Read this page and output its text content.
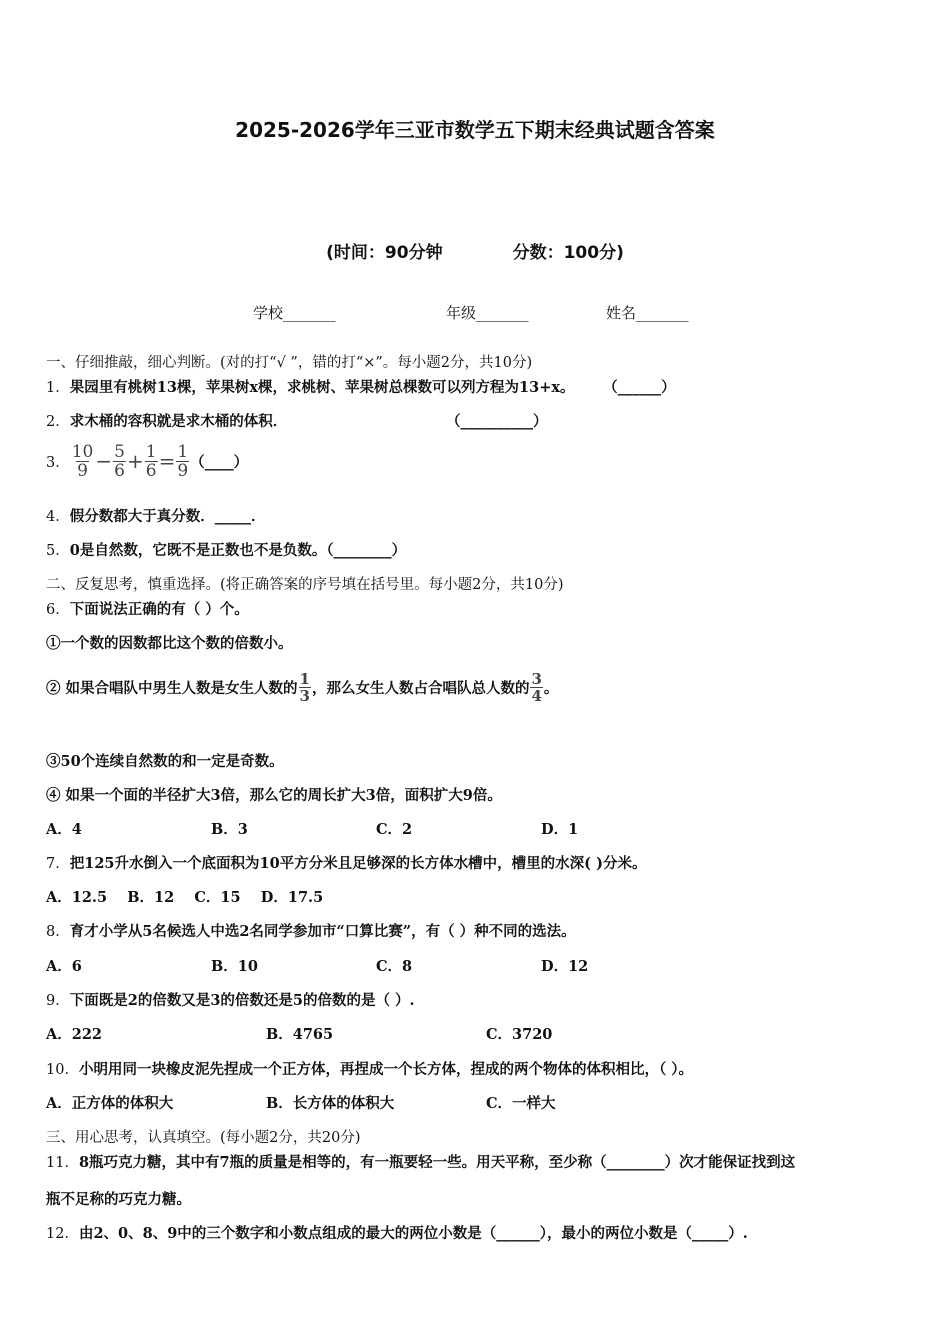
2025-2026学年三亚市数学五下期末经典试题含答案
(时间：90分钟	分数：100分)
学校_______	年级_______	姓名_______
一、仔细推敲，细心判断。(对的打“√ ”，错的打“×”。每小题2分，共10分)
1．果园里有桃树13棵，苹果树x棵，求桃树、苹果树总棵数可以列方程为13+x。 （______）
2．求木桶的容积就是求木桶的体积．	（__________）
3． $\frac{10}{9} - \frac{5}{6} + \frac{1}{6} = \frac{1}{9}$ （____）
4．假分数都大于真分数．_____．
5．0是自然数，它既不是正数也不是负数。（________）
二、反复思考，慎重选择。(将正确答案的序号填在括号里。每小题2分，共10分)
6．下面说法正确的有（ ）个。
①一个数的因数都比这个数的倍数小。
② 如果合唱队中男生人数是女生人数的 $\frac{1}{3}$ ，那么女生人数占合唱队总人数的 $\frac{3}{4}$ 。
③50个连续自然数的和一定是奇数。
④ 如果一个面的半径扩大3倍，那么它的周长扩大3倍，面积扩大9倍。
A．4	B．3	C．2	D．1
7．把125升水倒入一个底面积为10平方分米且足够深的长方体水槽中，槽里的水深( )分米。
A．12.5    B．12    C．15    D．17.5
8．育才小学从5名候选人中选2名同学参加市“口算比赛”，有（ ）种不同的选法。
A．6	B．10	C．8	D．12
9．下面既是2的倍数又是3的倍数还是5的倍数的是（ ）.
A．222	B．4765	C．3720
10．小明用同一块橡皮泥先捏成一个正方体，再捏成一个长方体，捏成的两个物体的体积相比，（ ）。
A．正方体的体积大	B．长方体的体积大	C．一样大
三、用心思考，认真填空。(每小题2分，共20分)
11．8瓶巧克力糖，其中有7瓶的质量是相等的，有一瓶要轻一些。用天平称，至少称（________）次才能保证找到这
瓶不足称的巧克力糖。
12．由2、0、8、9中的三个数字和小数点组成的最大的两位小数是（______），最小的两位小数是（_____）.
